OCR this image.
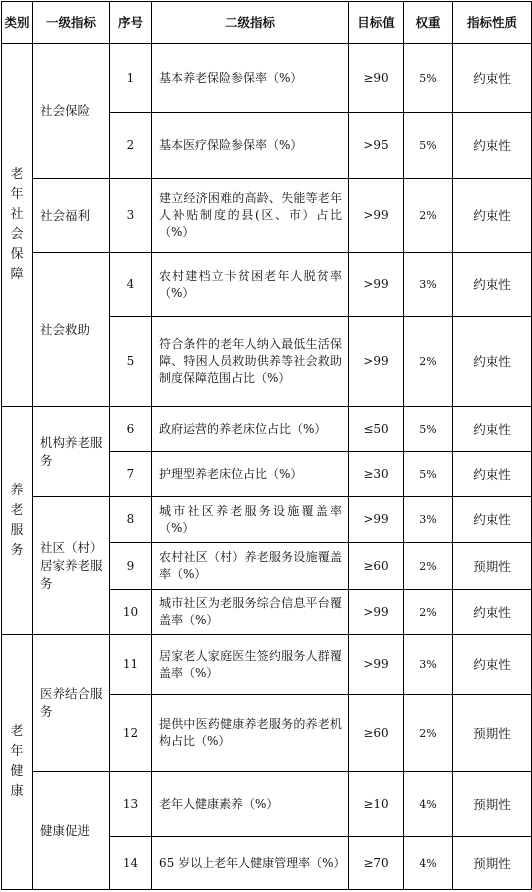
类别	一级指标	序号	二级指标	目标值	权重	指标性质
老年社会保障	社会保险	1	基本养老保险参保率（%）	≥90	5%	约束性
		2	基本医疗保险参保率（%）	>95	5%	约束性
	社会福利	3	建立经济困难的高龄、失能等老年人补贴制度的县(区、市）占比（%）	>99	2%	约束性
	社会救助	4	农村建档立卡贫困老年人脱贫率（%）	>99	3%	约束性
		5	符合条件的老年人纳入最低生活保障、特困人员救助供养等社会救助制度保障范围占比（%）	>99	2%	约束性
养老服务	机构养老服务	6	政府运营的养老床位占比（%）	≤50	5%	约束性
		7	护理型养老床位占比（%）	≥30	5%	约束性
	社区（村）居家养老服务	8	城市社区养老服务设施覆盖率（%）	>99	3%	约束性
		9	农村社区（村）养老服务设施覆盖率（%）	≥60	2%	预期性
		10	城市社区为老服务综合信息平台覆盖率（%）	>99	2%	约束性
老年健康	医养结合服务	11	居家老人家庭医生签约服务人群覆盖率（%）	>99	3%	约束性
		12	提供中医药健康养老服务的养老机构占比（%）	≥60	2%	预期性
	健康促进	13	老年人健康素养（%）	≥10	4%	预期性
		14	65 岁以上老年人健康管理率（%）	≥70	4%	预期性
